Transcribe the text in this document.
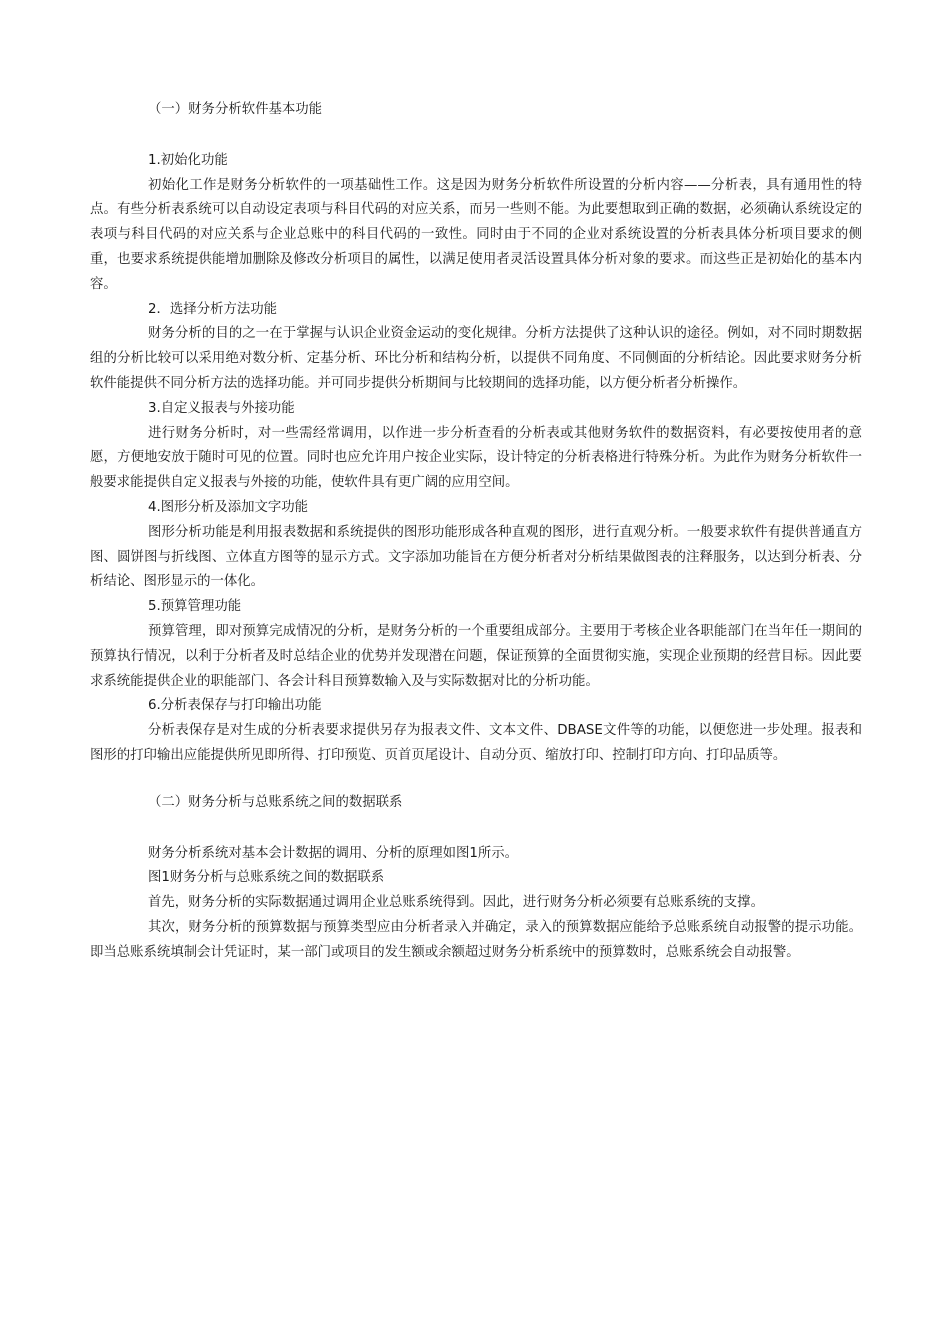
（一）财务分析软件基本功能

1.初始化功能

初始化工作是财务分析软件的一项基础性工作。这是因为财务分析软件所设置的分析内容——分析表，具有通用性的特点。有些分析表系统可以自动设定表项与科目代码的对应关系，而另一些则不能。为此要想取到正确的数据，必须确认系统设定的表项与科目代码的对应关系与企业总账中的科目代码的一致性。同时由于不同的企业对系统设置的分析表具体分析项目要求的侧重，也要求系统提供能增加删除及修改分析项目的属性，以满足使用者灵活设置具体分析对象的要求。而这些正是初始化的基本内容。

2．选择分析方法功能

财务分析的目的之一在于掌握与认识企业资金运动的变化规律。分析方法提供了这种认识的途径。例如，对不同时期数据组的分析比较可以采用绝对数分析、定基分析、环比分析和结构分析，以提供不同角度、不同侧面的分析结论。因此要求财务分析软件能提供不同分析方法的选择功能。并可同步提供分析期间与比较期间的选择功能，以方便分析者分析操作。

3.自定义报表与外接功能

进行财务分析时，对一些需经常调用，以作进一步分析查看的分析表或其他财务软件的数据资料，有必要按使用者的意愿，方便地安放于随时可见的位置。同时也应允许用户按企业实际，设计特定的分析表格进行特殊分析。为此作为财务分析软件一般要求能提供自定义报表与外接的功能，使软件具有更广阔的应用空间。

4.图形分析及添加文字功能

图形分析功能是利用报表数据和系统提供的图形功能形成各种直观的图形，进行直观分析。一般要求软件有提供普通直方图、圆饼图与折线图、立体直方图等的显示方式。文字添加功能旨在方便分析者对分析结果做图表的注释服务，以达到分析表、分析结论、图形显示的一体化。

5.预算管理功能

预算管理，即对预算完成情况的分析，是财务分析的一个重要组成部分。主要用于考核企业各职能部门在当年任一期间的预算执行情况，以利于分析者及时总结企业的优势并发现潜在问题，保证预算的全面贯彻实施，实现企业预期的经营目标。因此要求系统能提供企业的职能部门、各会计科目预算数输入及与实际数据对比的分析功能。

6.分析表保存与打印输出功能

分析表保存是对生成的分析表要求提供另存为报表文件、文本文件、DBASE文件等的功能，以便您进一步处理。报表和图形的打印输出应能提供所见即所得、打印预览、页首页尾设计、自动分页、缩放打印、控制打印方向、打印品质等。

（二）财务分析与总账系统之间的数据联系

财务分析系统对基本会计数据的调用、分析的原理如图1所示。

图1财务分析与总账系统之间的数据联系

首先，财务分析的实际数据通过调用企业总账系统得到。因此，进行财务分析必须要有总账系统的支撑。

其次，财务分析的预算数据与预算类型应由分析者录入并确定，录入的预算数据应能给予总账系统自动报警的提示功能。即当总账系统填制会计凭证时，某一部门或项目的发生额或余额超过财务分析系统中的预算数时，总账系统会自动报警。
